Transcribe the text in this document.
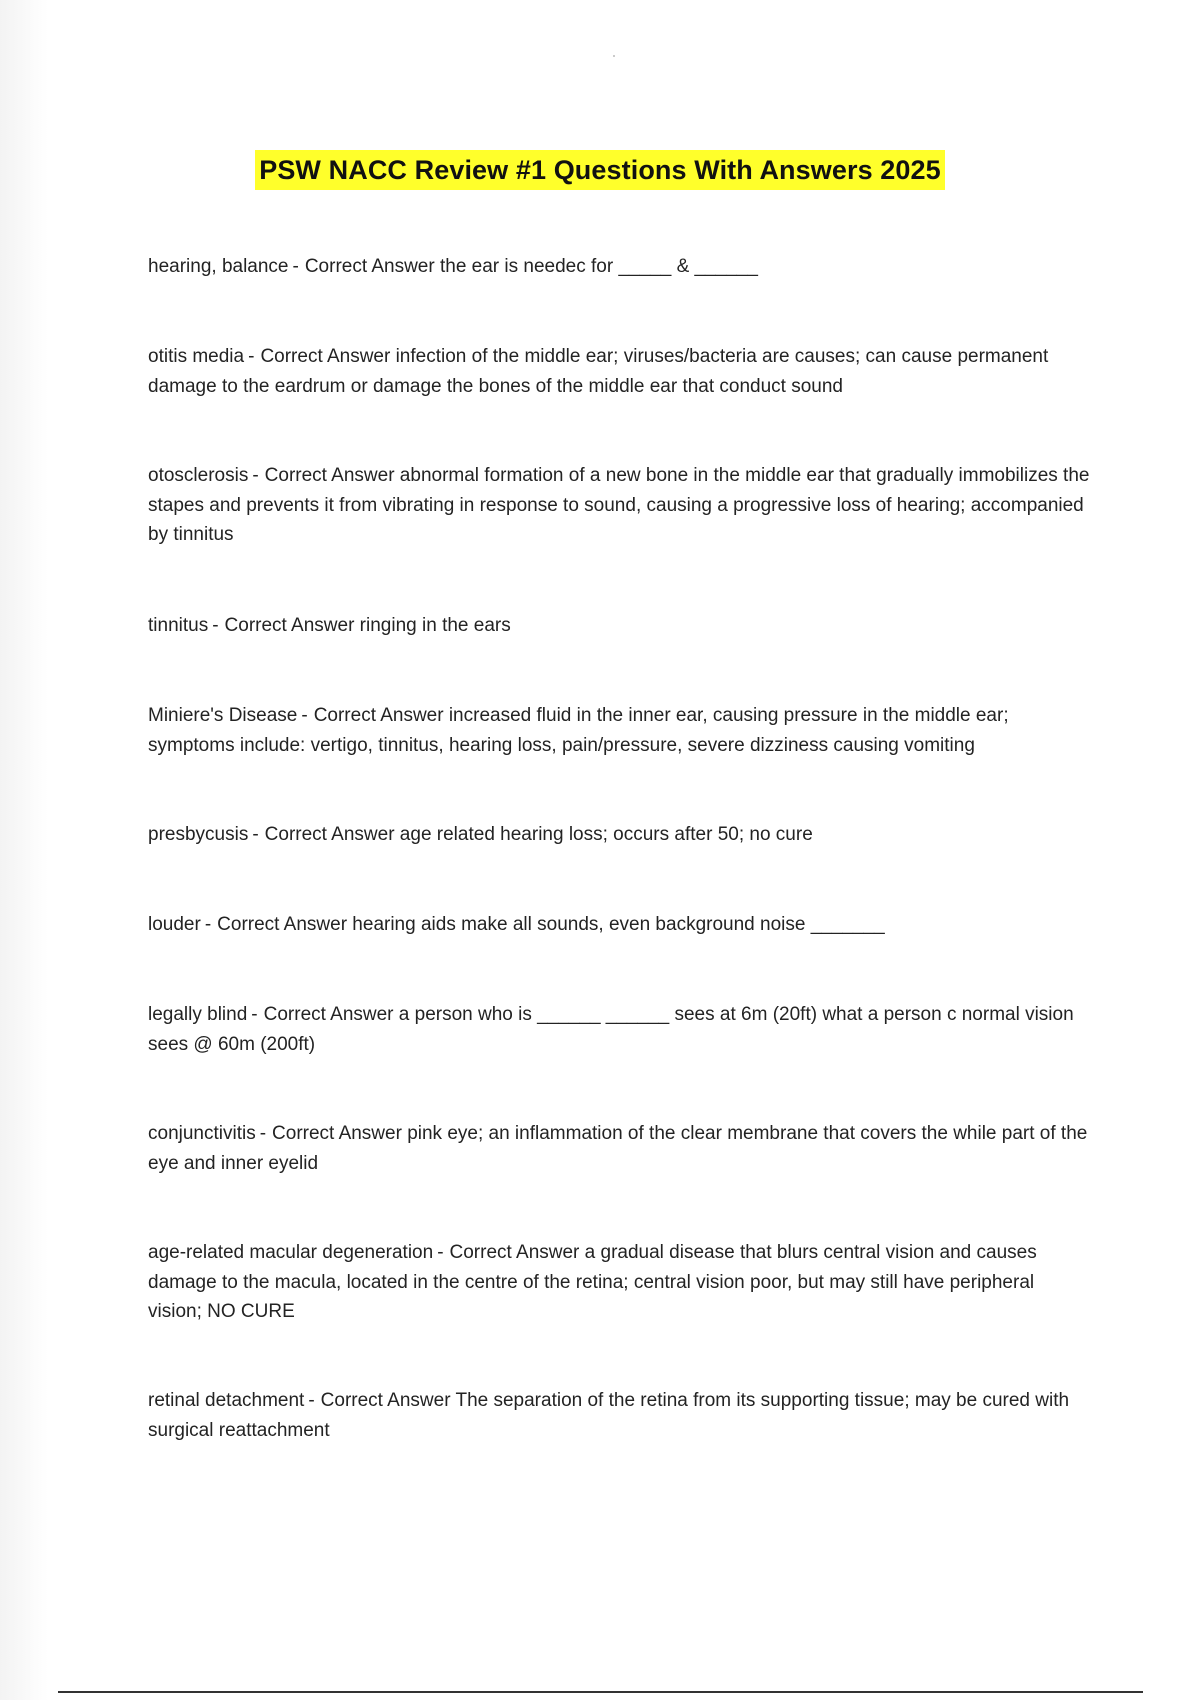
PSW NACC Review #1 Questions With Answers 2025
hearing, balance - Correct Answer the ear is needec for _____ & ______
otitis media - Correct Answer infection of the middle ear; viruses/bacteria are causes; can cause permanent damage to the eardrum or damage the bones of the middle ear that conduct sound
otosclerosis - Correct Answer abnormal formation of a new bone in the middle ear that gradually immobilizes the stapes and prevents it from vibrating in response to sound, causing a progressive loss of hearing; accompanied by tinnitus
tinnitus - Correct Answer ringing in the ears
Miniere's Disease - Correct Answer increased fluid in the inner ear, causing pressure in the middle ear; symptoms include: vertigo, tinnitus, hearing loss, pain/pressure, severe dizziness causing vomiting
presbycusis - Correct Answer age related hearing loss; occurs after 50; no cure
louder - Correct Answer hearing aids make all sounds, even background noise _______
legally blind - Correct Answer a person who is ______ ______ sees at 6m (20ft) what a person c normal vision sees @ 60m (200ft)
conjunctivitis - Correct Answer pink eye; an inflammation of the clear membrane that covers the while part of the eye and inner eyelid
age-related macular degeneration - Correct Answer a gradual disease that blurs central vision and causes damage to the macula, located in the centre of the retina; central vision poor, but may still have peripheral vision; NO CURE
retinal detachment - Correct Answer The separation of the retina from its supporting tissue; may be cured with surgical reattachment
